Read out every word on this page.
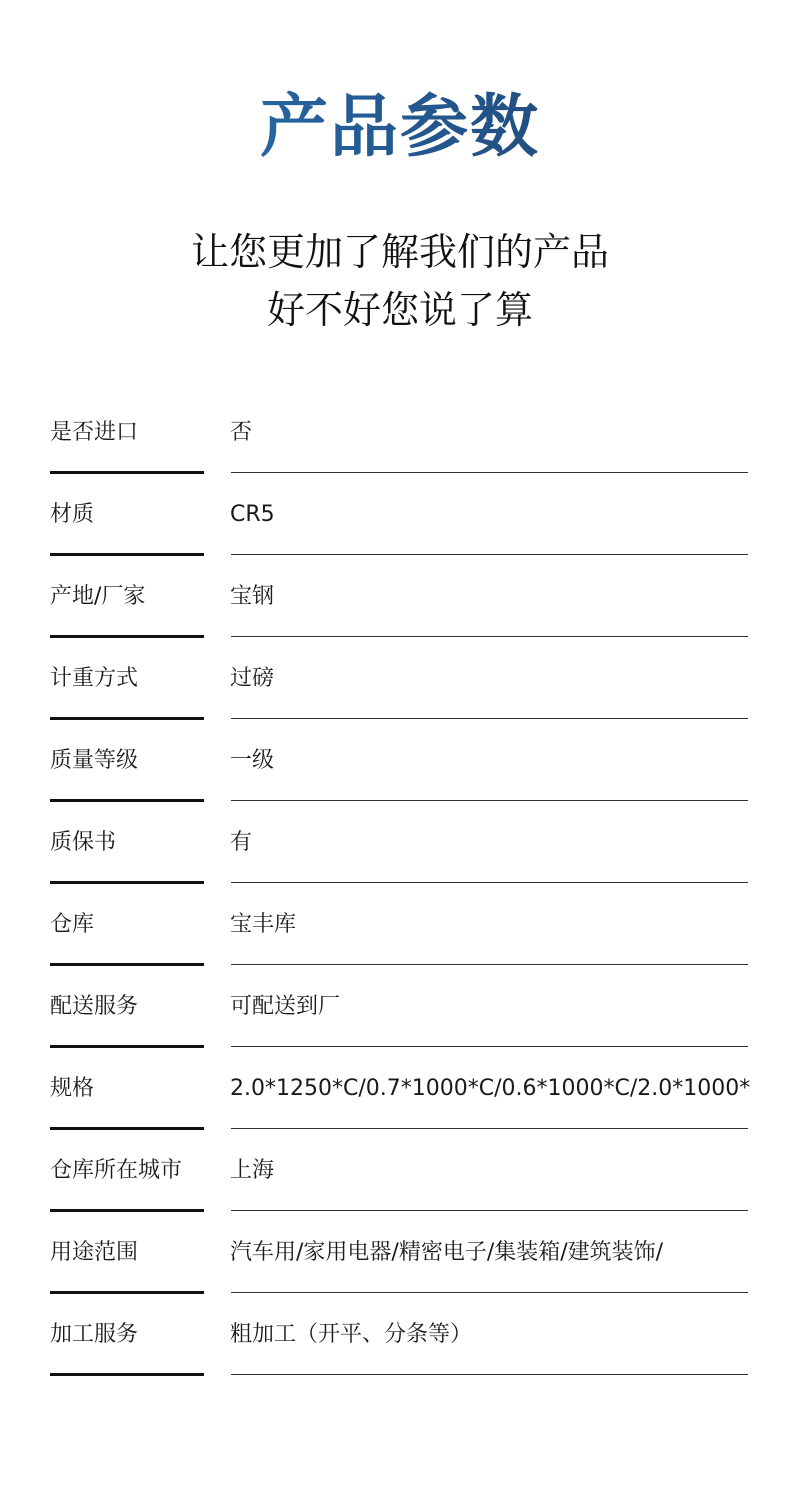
产品参数
让您更加了解我们的产品
好不好您说了算
是否进口	否
材质	CR5
产地/厂家	宝钢
计重方式	过磅
质量等级	一级
质保书	有
仓库	宝丰库
配送服务	可配送到厂
规格	2.0*1250*C/0.7*1000*C/0.6*1000*C/2.0*1000*
仓库所在城市 上海
用途范围	汽车用/家用电器/精密电子/集装箱/建筑装饰/
加工服务	粗加工（开平、分条等）
